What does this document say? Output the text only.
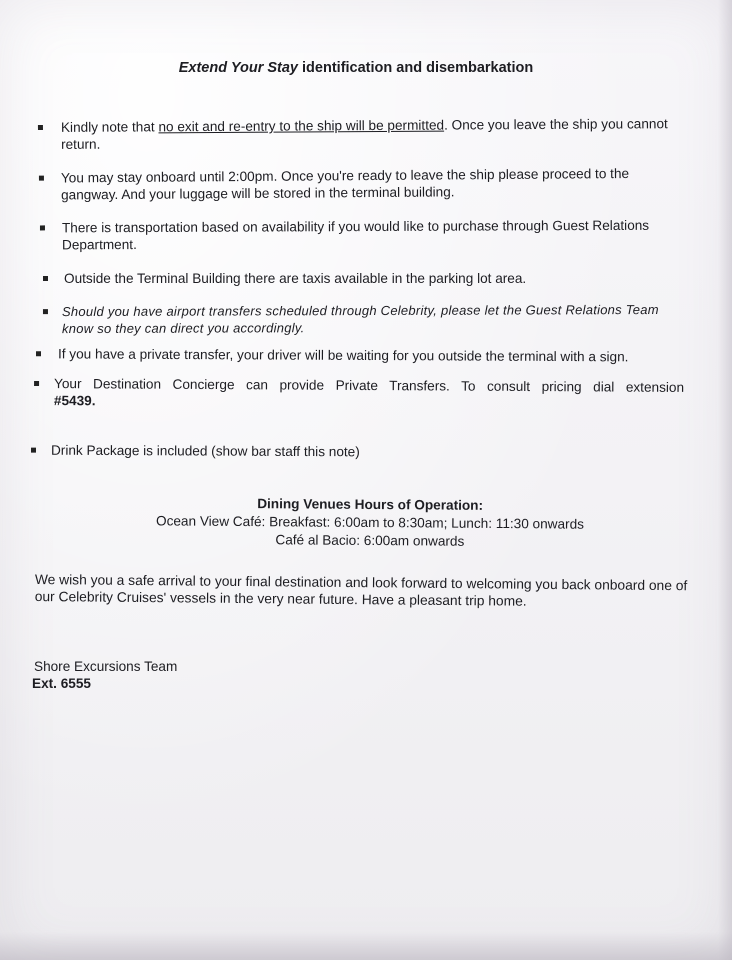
Extend Your Stay identification and disembarkation
Kindly note that no exit and re-entry to the ship will be permitted. Once you leave the ship you cannot return.
You may stay onboard until 2:00pm. Once you're ready to leave the ship please proceed to the gangway. And your luggage will be stored in the terminal building.
There is transportation based on availability if you would like to purchase through Guest Relations Department.
Outside the Terminal Building there are taxis available in the parking lot area.
Should you have airport transfers scheduled through Celebrity, please let the Guest Relations Team know so they can direct you accordingly.
If you have a private transfer, your driver will be waiting for you outside the terminal with a sign.
Your Destination Concierge can provide Private Transfers. To consult pricing dial extension
#5439.
Drink Package is included (show bar staff this note)
Dining Venues Hours of Operation:
Ocean View Café: Breakfast: 6:00am to 8:30am; Lunch: 11:30 onwards
Café al Bacio: 6:00am onwards
We wish you a safe arrival to your final destination and look forward to welcoming you back onboard one of our Celebrity Cruises' vessels in the very near future. Have a pleasant trip home.
Shore Excursions Team
Ext. 6555
